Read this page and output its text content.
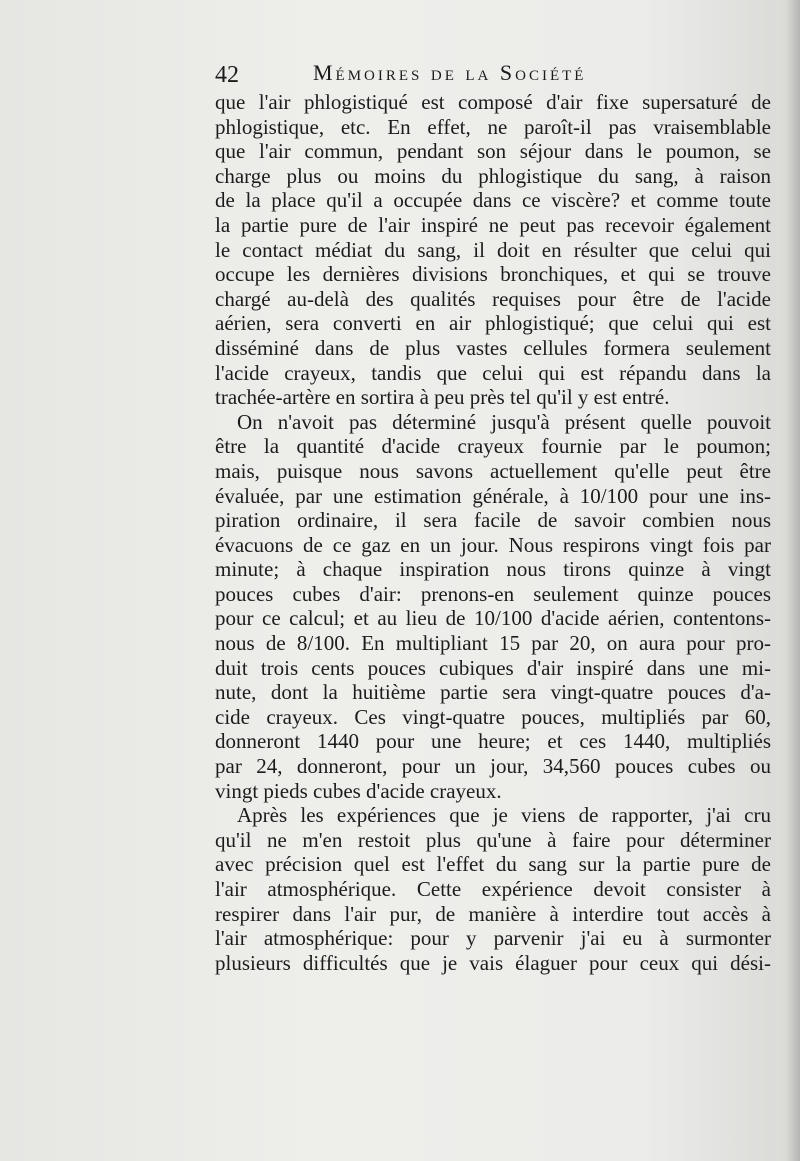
42	Mémoires de la Société
que l'air phlogistiqué est composé d'air fixe supersaturé de
phlogistique, etc. En effet, ne paroît-il pas vraisemblable
que l'air commun, pendant son séjour dans le poumon, se
charge plus ou moins du phlogistique du sang, à raison
de la place qu'il a occupée dans ce viscère? et comme toute
la partie pure de l'air inspiré ne peut pas recevoir également
le contact médiat du sang, il doit en résulter que celui qui
occupe les dernières divisions bronchiques, et qui se trouve
chargé au-delà des qualités requises pour être de l'acide
aérien, sera converti en air phlogistiqué; que celui qui est
disséminé dans de plus vastes cellules formera seulement
l'acide crayeux, tandis que celui qui est répandu dans la
trachée-artère en sortira à peu près tel qu'il y est entré.
On n'avoit pas déterminé jusqu'à présent quelle pouvoit
être la quantité d'acide crayeux fournie par le poumon;
mais, puisque nous savons actuellement qu'elle peut être
évaluée, par une estimation générale, à 10/100 pour une ins-
piration ordinaire, il sera facile de savoir combien nous
évacuons de ce gaz en un jour. Nous respirons vingt fois par
minute; à chaque inspiration nous tirons quinze à vingt
pouces cubes d'air: prenons-en seulement quinze pouces
pour ce calcul; et au lieu de 10/100 d'acide aérien, contentons-
nous de 8/100. En multipliant 15 par 20, on aura pour pro-
duit trois cents pouces cubiques d'air inspiré dans une mi-
nute, dont la huitième partie sera vingt-quatre pouces d'a-
cide crayeux. Ces vingt-quatre pouces, multipliés par 60,
donneront 1440 pour une heure; et ces 1440, multipliés
par 24, donneront, pour un jour, 34,560 pouces cubes ou
vingt pieds cubes d'acide crayeux.
Après les expériences que je viens de rapporter, j'ai cru
qu'il ne m'en restoit plus qu'une à faire pour déterminer
avec précision quel est l'effet du sang sur la partie pure de
l'air atmosphérique. Cette expérience devoit consister à
respirer dans l'air pur, de manière à interdire tout accès à
l'air atmosphérique: pour y parvenir j'ai eu à surmonter
plusieurs difficultés que je vais élaguer pour ceux qui dési-
